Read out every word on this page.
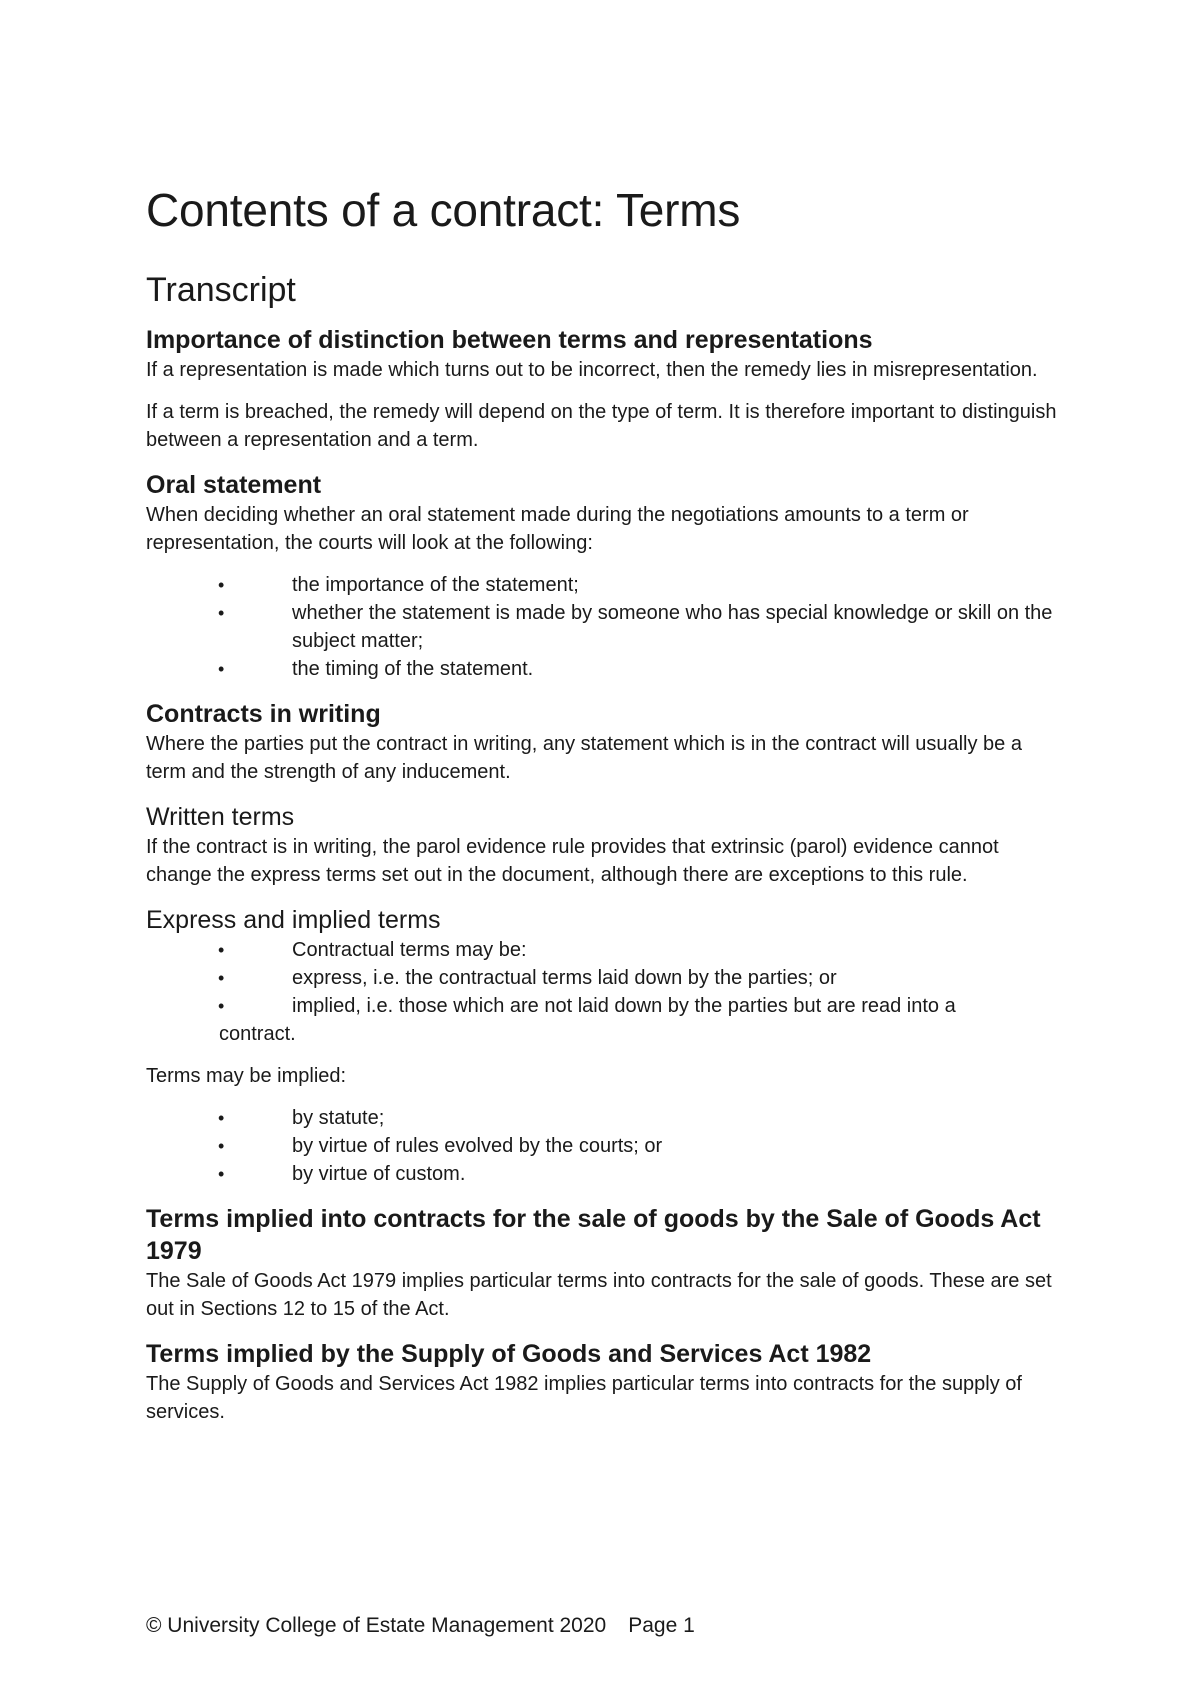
Contents of a contract: Terms
Transcript
Importance of distinction between terms and representations

If a representation is made which turns out to be incorrect, then the remedy lies in misrepresentation.

If a term is breached, the remedy will depend on the type of term. It is therefore important to distinguish between a representation and a term.

Oral statement

When deciding whether an oral statement made during the negotiations amounts to a term or representation, the courts will look at the following:

•	the importance of the statement;
•	whether the statement is made by someone who has special knowledge or skill on the subject matter;
•	the timing of the statement.
Contracts in writing

Where the parties put the contract in writing, any statement which is in the contract will usually be a term and the strength of any inducement.

Written terms

If the contract is in writing, the parol evidence rule provides that extrinsic (parol) evidence cannot change the express terms set out in the document, although there are exceptions to this rule.

Express and implied terms
•	Contractual terms may be:
•	express, i.e. the contractual terms laid down by the parties; or
•	implied, i.e. those which are not laid down by the parties but are read into a
contract.

Terms may be implied:

•	by statute;
•	by virtue of rules evolved by the courts; or
•	by virtue of custom.
Terms implied into contracts for the sale of goods by the Sale of Goods Act 1979

The Sale of Goods Act 1979 implies particular terms into contracts for the sale of goods. These are set out in Sections 12 to 15 of the Act.

Terms implied by the Supply of Goods and Services Act 1982

The Supply of Goods and Services Act 1982 implies particular terms into contracts for the supply of services.

© University College of Estate Management 2020 Page 1
